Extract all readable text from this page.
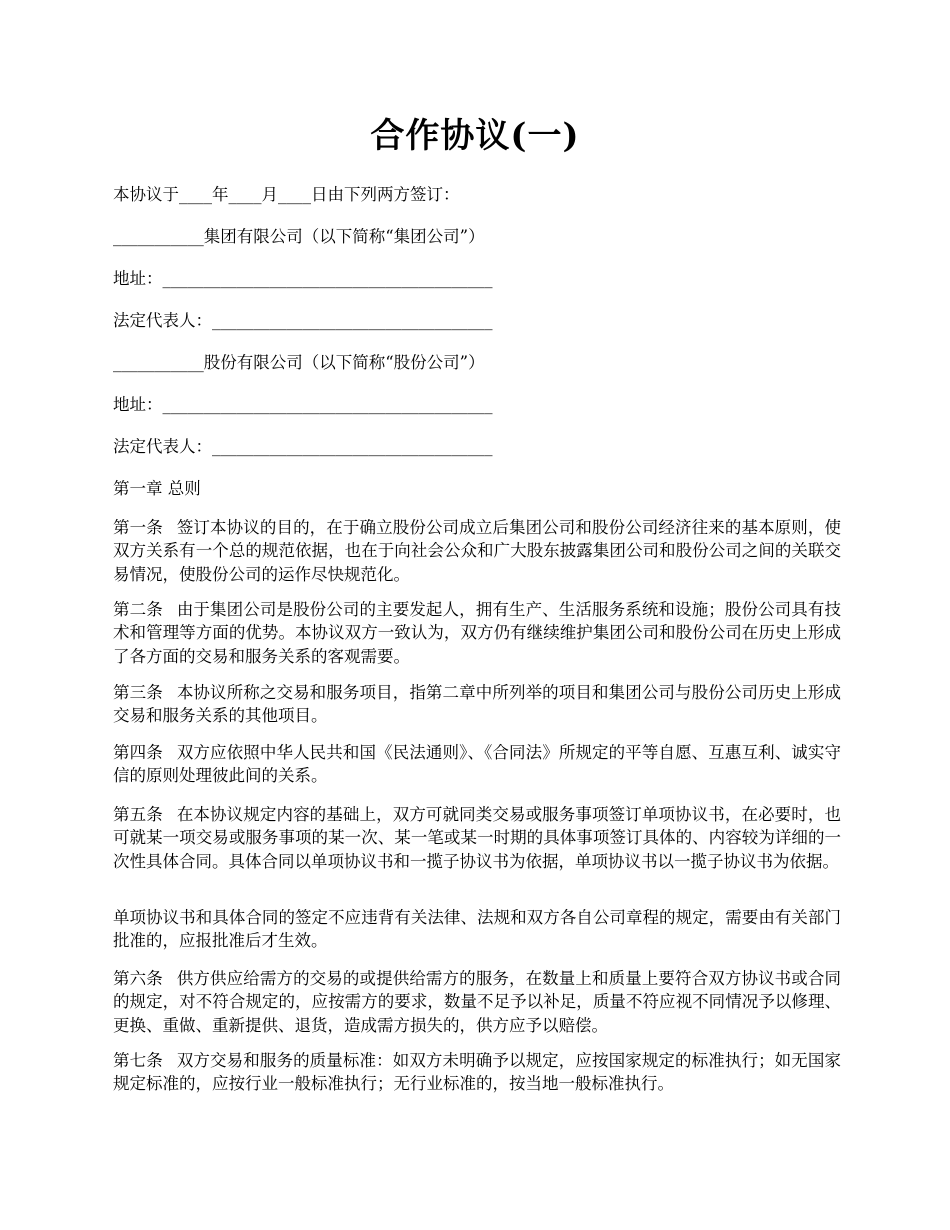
合作协议(一)
本协议于____年____月____日由下列两方签订：
___________集团有限公司（以下简称“集团公司”）
地址：________________________________________
法定代表人：__________________________________
___________股份有限公司（以下简称“股份公司”）
地址：________________________________________
法定代表人：__________________________________
第一章 总则
第一条 签订本协议的目的，在于确立股份公司成立后集团公司和股份公司经济往来的基本原则，使双方关系有一个总的规范依据，也在于向社会公众和广大股东披露集团公司和股份公司之间的关联交易情况，使股份公司的运作尽快规范化。
第二条 由于集团公司是股份公司的主要发起人，拥有生产、生活服务系统和设施；股份公司具有技术和管理等方面的优势。本协议双方一致认为，双方仍有继续维护集团公司和股份公司在历史上形成了各方面的交易和服务关系的客观需要。
第三条 本协议所称之交易和服务项目，指第二章中所列举的项目和集团公司与股份公司历史上形成交易和服务关系的其他项目。
第四条 双方应依照中华人民共和国《民法通则》、《合同法》所规定的平等自愿、互惠互利、诚实守信的原则处理彼此间的关系。
第五条 在本协议规定内容的基础上，双方可就同类交易或服务事项签订单项协议书，在必要时，也可就某一项交易或服务事项的某一次、某一笔或某一时期的具体事项签订具体的、内容较为详细的一次性具体合同。具体合同以单项协议书和一揽子协议书为依据，单项协议书以一揽子协议书为依据。
单项协议书和具体合同的签定不应违背有关法律、法规和双方各自公司章程的规定，需要由有关部门批准的，应报批准后才生效。
第六条 供方供应给需方的交易的或提供给需方的服务，在数量上和质量上要符合双方协议书或合同的规定，对不符合规定的，应按需方的要求，数量不足予以补足，质量不符应视不同情况予以修理、更换、重做、重新提供、退货，造成需方损失的，供方应予以赔偿。
第七条 双方交易和服务的质量标准：如双方未明确予以规定，应按国家规定的标准执行；如无国家规定标准的，应按行业一般标准执行；无行业标准的，按当地一般标准执行。
